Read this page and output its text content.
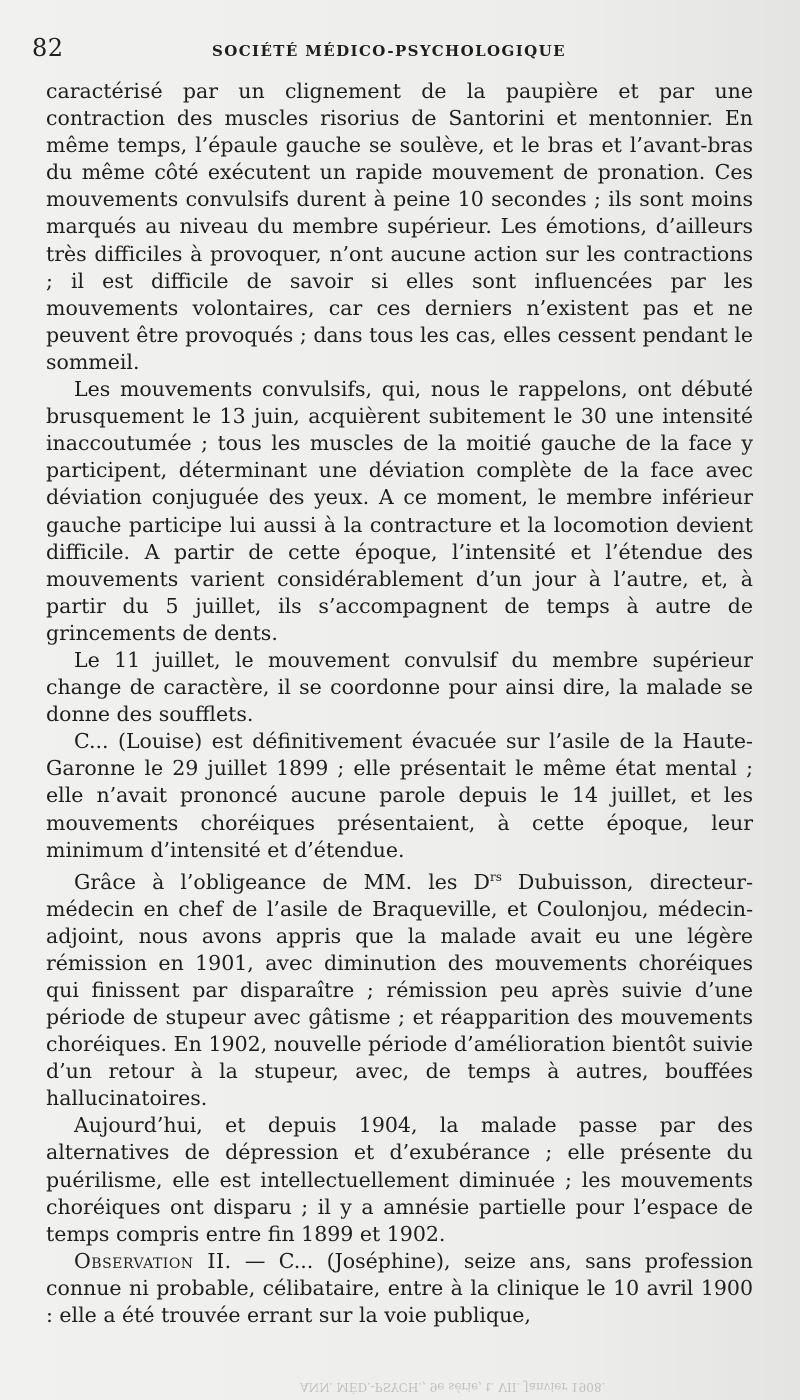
82	SOCIÉTÉ MÉDICO-PSYCHOLOGIQUE

caractérisé par un clignement de la paupière et par une contraction des muscles risorius de Santorini et mentonnier. En même temps, l’épaule gauche se soulève, et le bras et l’avant-bras du même côté exécutent un rapide mouvement de pronation. Ces mouvements convulsifs durent à peine 10 secondes ; ils sont moins marqués au niveau du membre supérieur. Les émotions, d’ailleurs très difficiles à provoquer, n’ont aucune action sur les contractions ; il est difficile de savoir si elles sont influencées par les mouvements volontaires, car ces derniers n’existent pas et ne peuvent être provoqués ; dans tous les cas, elles cessent pendant le sommeil.

Les mouvements convulsifs, qui, nous le rappelons, ont débuté brusquement le 13 juin, acquièrent subitement le 30 une intensité inaccoutumée ; tous les muscles de la moitié gauche de la face y participent, déterminant une déviation complète de la face avec déviation conjuguée des yeux. A ce moment, le membre inférieur gauche participe lui aussi à la contracture et la locomotion devient difficile. A partir de cette époque, l’intensité et l’étendue des mouvements varient considérablement d’un jour à l’autre, et, à partir du 5 juillet, ils s’accompagnent de temps à autre de grincements de dents.

Le 11 juillet, le mouvement convulsif du membre supérieur change de caractère, il se coordonne pour ainsi dire, la malade se donne des soufflets.

C... (Louise) est définitivement évacuée sur l’asile de la Haute-Garonne le 29 juillet 1899 ; elle présentait le même état mental ; elle n’avait prononcé aucune parole depuis le 14 juillet, et les mouvements choréiques présentaient, à cette époque, leur minimum d’intensité et d’étendue.

Grâce à l’obligeance de MM. les $D^{rs}$ Dubuisson, directeur-médecin en chef de l’asile de Braqueville, et Coulonjou, médecin-adjoint, nous avons appris que la malade avait eu une légère rémission en 1901, avec diminution des mouvements choréiques qui finissent par disparaître ; rémission peu après suivie d’une période de stupeur avec gâtisme ; et réapparition des mouvements choréiques. En 1902, nouvelle période d’amélioration bientôt suivie d’un retour à la stupeur, avec, de temps à autres, bouffées hallucinatoires.

Aujourd’hui, et depuis 1904, la malade passe par des alternatives de dépression et d’exubérance ; elle présente du puérilisme, elle est intellectuellement diminuée ; les mouvements choréiques ont disparu ; il y a amnésie partielle pour l’espace de temps compris entre fin 1899 et 1902.

Observation II. — C... (Joséphine), seize ans, sans profession connue ni probable, célibataire, entre à la clinique le 10 avril 1900 : elle a été trouvée errant sur la voie publique,

ANN. MÉD.-PSYCH., 9e série, t. VII. Janvier 1908.
